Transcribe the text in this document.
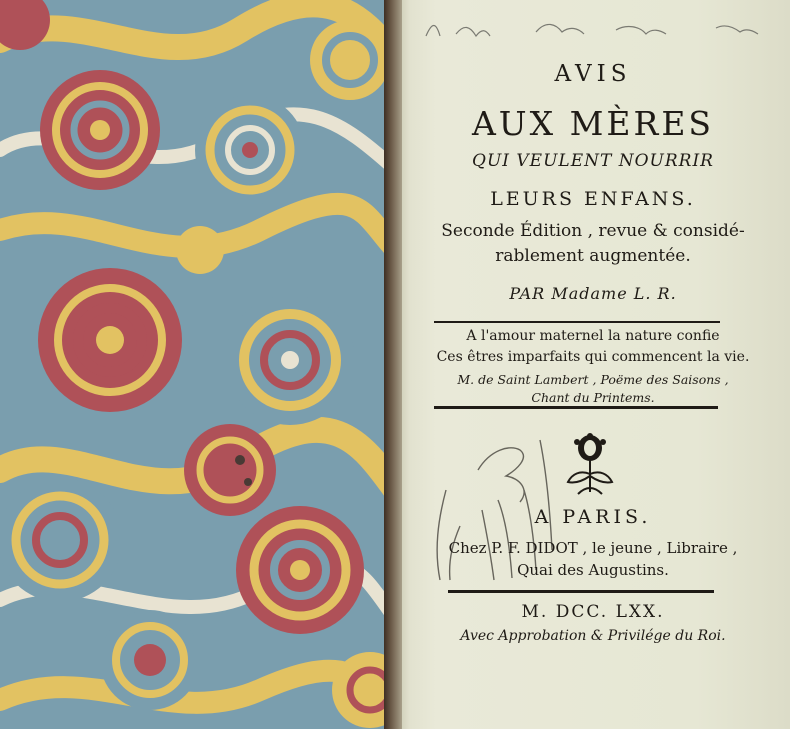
AVIS
AUX MÈRES
QUI VEULENT NOURRIR
LEURS ENFANS.
Seconde Édition , revue & considé-
rablement augmentée.
PAR Madame L. R.
A l'amour maternel la nature confie
Ces êtres imparfaits qui commencent la vie.
M. de Saint Lambert , Poëme des Saisons ,
Chant du Printems.
A PARIS.
Chez P. F. DIDOT , le jeune , Libraire ,
Quai des Augustins.
M. DCC. LXX.
Avec Approbation & Privilége du Roi.
